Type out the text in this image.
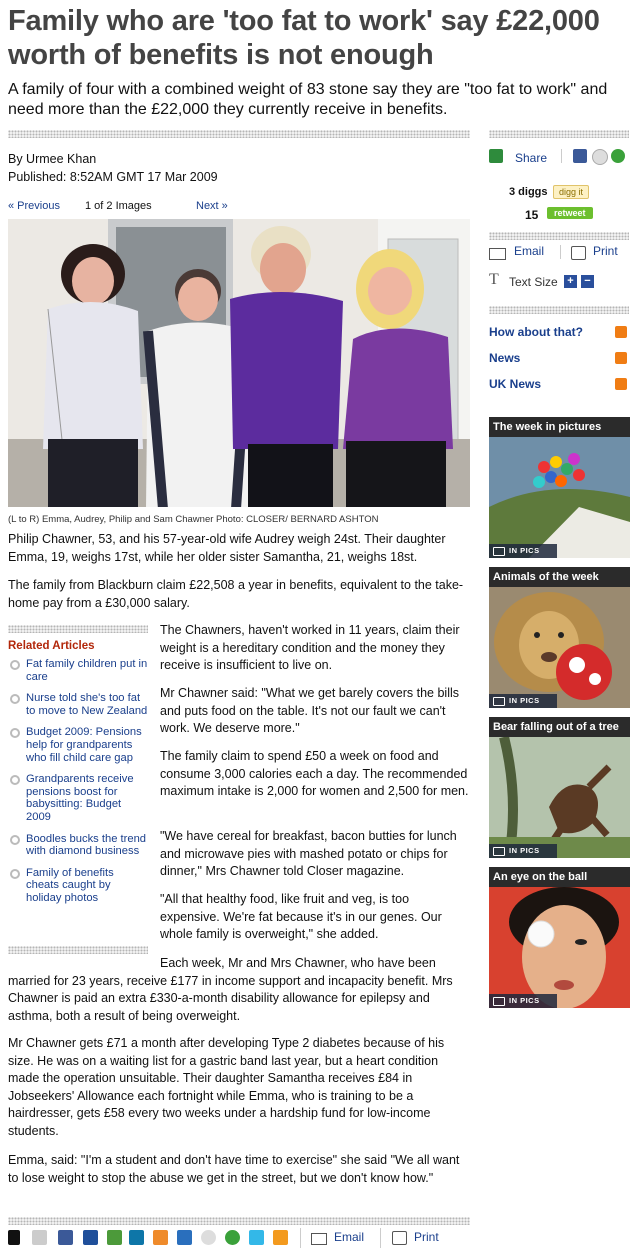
Family who are 'too fat to work' say £22,000 worth of benefits is not enough

A family of four with a combined weight of 83 stone say they are "too fat to work" and need more than the £22,000 they currently receive in benefits.

By Urmee Khan
Published: 8:52AM GMT 17 Mar 2009
« Previous 1 of 2 Images	Next »
(L to R) Emma, Audrey, Philip and Sam Chawner Photo: CLOSER/ BERNARD ASHTON

Philip Chawner, 53, and his 57-year-old wife Audrey weigh 24st. Their daughter Emma, 19, weighs 17st, while her older sister Samantha, 21, weighs 18st.

The family from Blackburn claim £22,508 a year in benefits, equivalent to the take-home pay from a £30,000 salary.

Related Articles
Fat family children put in care
Nurse told she's too fat to move to New Zealand
Budget 2009: Pensions help for grandparents who fill child care gap
Grandparents receive pensions boost for babysitting: Budget 2009
Boodles bucks the trend with diamond business
Family of benefits cheats caught by holiday photos

The Chawners, haven't worked in 11 years, claim their weight is a hereditary condition and the money they receive is insufficient to live on.

Mr Chawner said: "What we get barely covers the bills and puts food on the table. It's not our fault we can't work. We deserve more."

The family claim to spend £50 a week on food and consume 3,000 calories each a day. The recommended maximum intake is 2,000 for women and 2,500 for men.

"We have cereal for breakfast, bacon butties for lunch and microwave pies with mashed potato or chips for dinner," Mrs Chawner told Closer magazine.

"All that healthy food, like fruit and veg, is too expensive. We're fat because it's in our genes. Our whole family is overweight," she added.

Each week, Mr and Mrs Chawner, who have been married for 23 years, receive £177 in income support and incapacity benefit. Mrs Chawner is paid an extra £330-a-month disability allowance for epilepsy and asthma, both a result of being overweight.

Mr Chawner gets £71 a month after developing Type 2 diabetes because of his size. He was on a waiting list for a gastric band last year, but a heart condition made the operation unsuitable. Their daughter Samantha receives £84 in Jobseekers' Allowance each fortnight while Emma, who is training to be a hairdresser, gets £58 every two weeks under a hardship fund for low-income students.

Emma, said: "I'm a student and don't have time to exercise" she said "We all want to lose weight to stop the abuse we get in the street, but we don't know how."

Share
3 diggs	digg it
15	retweet
Email	Print
T Text Size + −
How about that?
News
UK News
The week in pictures
IN PICS
Animals of the week
IN PICS
Bear falling out of a tree
IN PICS
An eye on the ball
IN PICS
Email	Print
